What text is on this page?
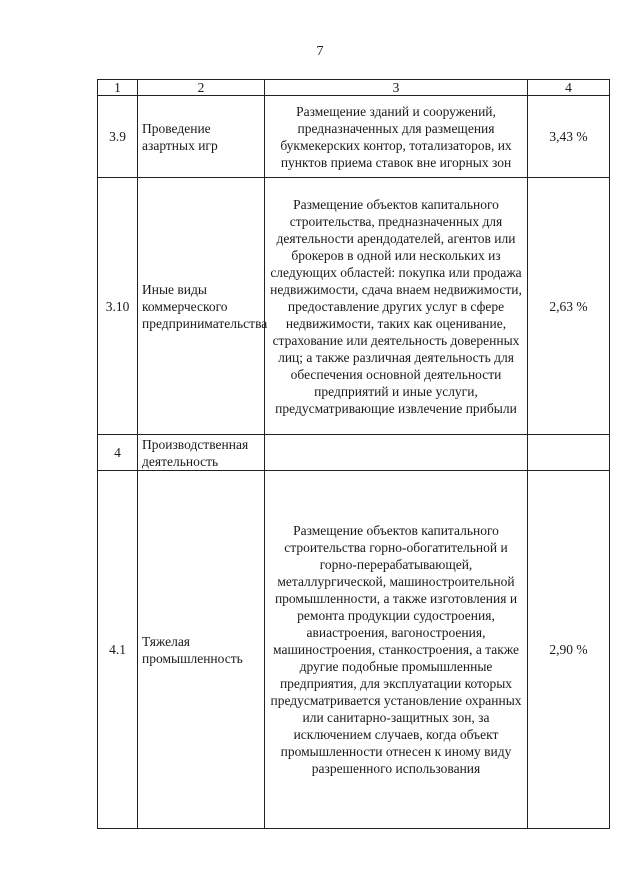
7
1	2	3	4
3.9	Проведение азартных игр	Размещение зданий и сооружений, предназначенных для размещения букмекерских контор, тотализаторов, их пунктов приема ставок вне игорных зон	3,43 %
3.10	Иные виды коммерческого предпринимательства	Размещение объектов капитального строительства, предназначенных для деятельности арендодателей, агентов или брокеров в одной или нескольких из следующих областей: покупка или продажа недвижимости, сдача внаем недвижимости, предоставление других услуг в сфере недвижимости, таких как оценивание, страхование или деятельность доверенных лиц; а также различная деятельность для обеспечения основной деятельности предприятий и иные услуги, предусматривающие извлечение прибыли	2,63 %
4	Производственная деятельность		
4.1	Тяжелая промышленность	Размещение объектов капитального строительства горно-обогатительной и горно-перерабатывающей, металлургической, машиностроительной промышленности, а также изготовления и ремонта продукции судостроения, авиастроения, вагоностроения, машиностроения, станкостроения, а также другие подобные промышленные предприятия, для эксплуатации которых предусматривается установление охранных или санитарно-защитных зон, за исключением случаев, когда объект промышленности отнесен к иному виду разрешенного использования	2,90 %
